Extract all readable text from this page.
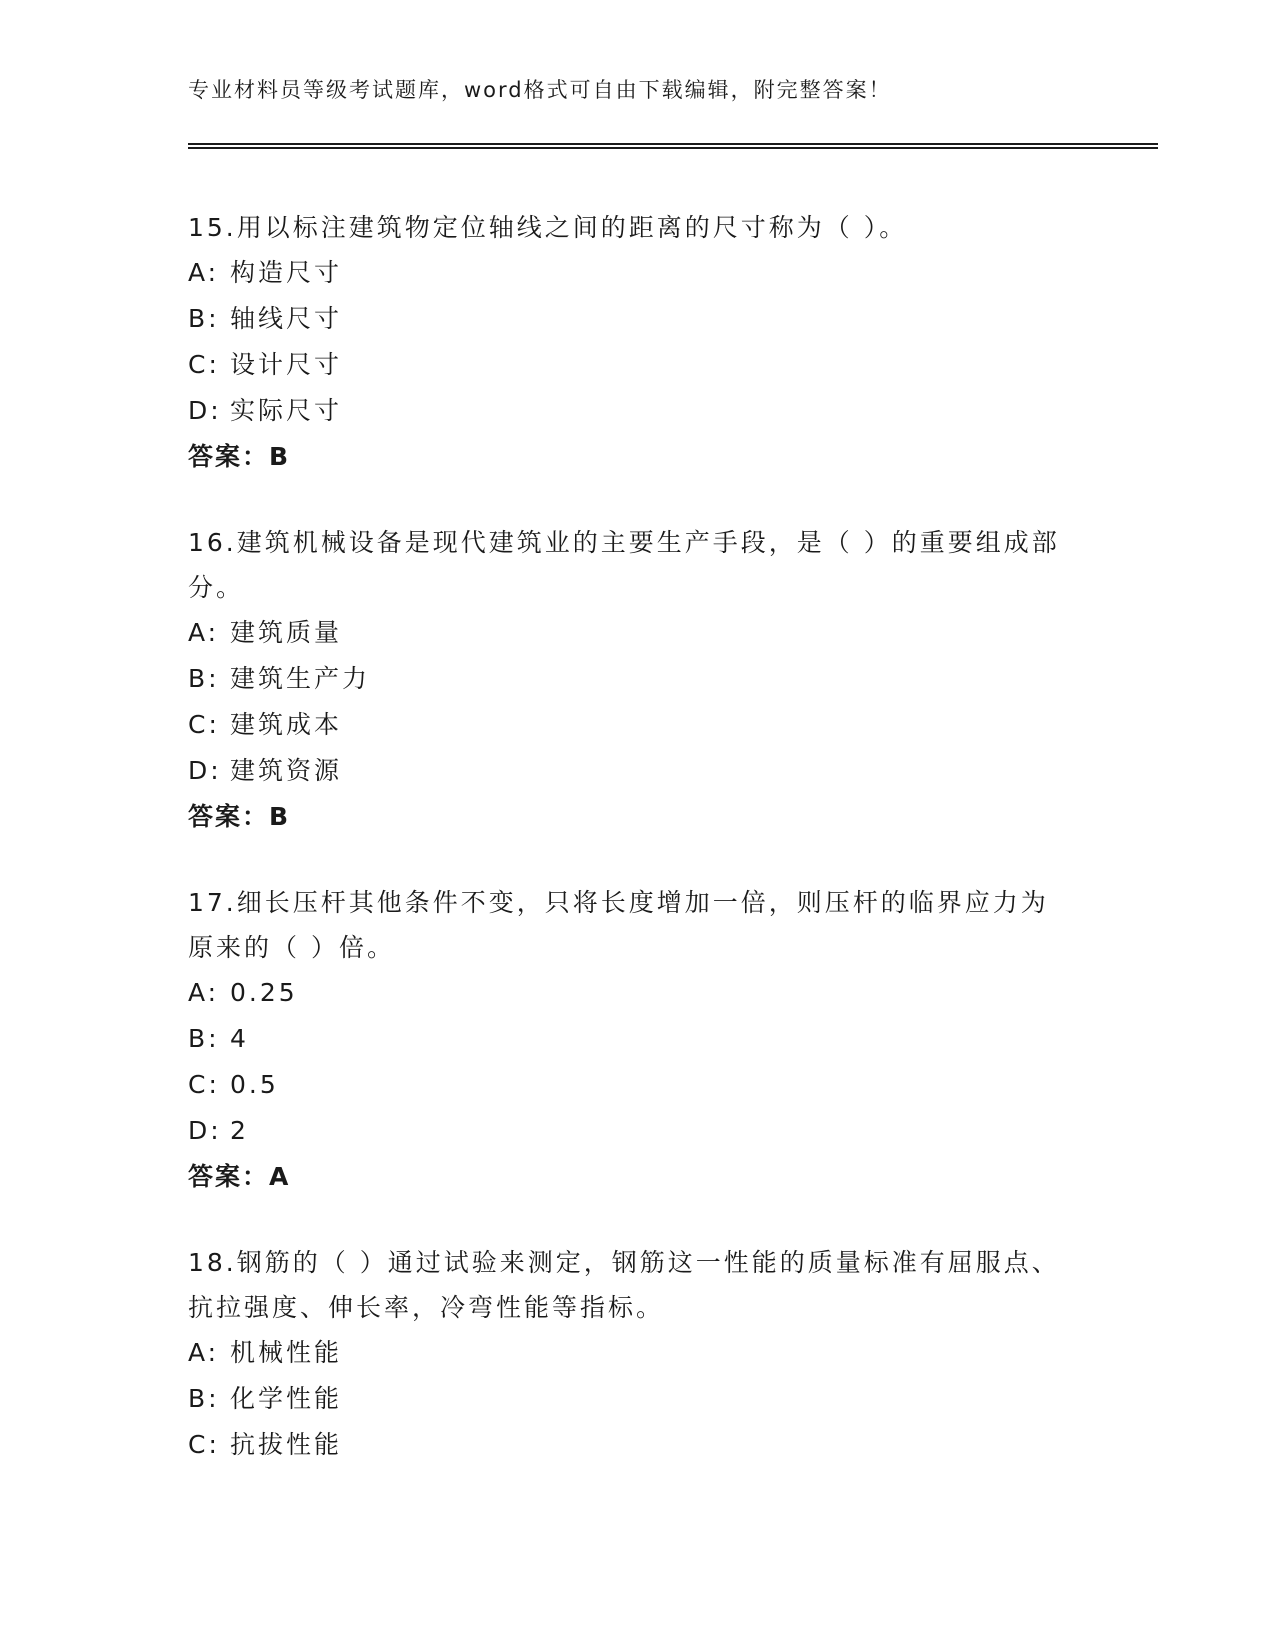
专业材料员等级考试题库，word格式可自由下载编辑，附完整答案！

15.用以标注建筑物定位轴线之间的距离的尺寸称为（ ）。

A: 构造尺寸

B: 轴线尺寸

C: 设计尺寸

D: 实际尺寸

答案：B

16.建筑机械设备是现代建筑业的主要生产手段，是（ ）的重要组成部分。

A: 建筑质量

B: 建筑生产力

C: 建筑成本

D: 建筑资源

答案：B

17.细长压杆其他条件不变，只将长度增加一倍，则压杆的临界应力为原来的（ ）倍。

A: 0.25

B: 4

C: 0.5

D: 2

答案：A

18.钢筋的（ ）通过试验来测定，钢筋这一性能的质量标准有屈服点、抗拉强度、伸长率，冷弯性能等指标。

A: 机械性能

B: 化学性能

C: 抗拔性能
